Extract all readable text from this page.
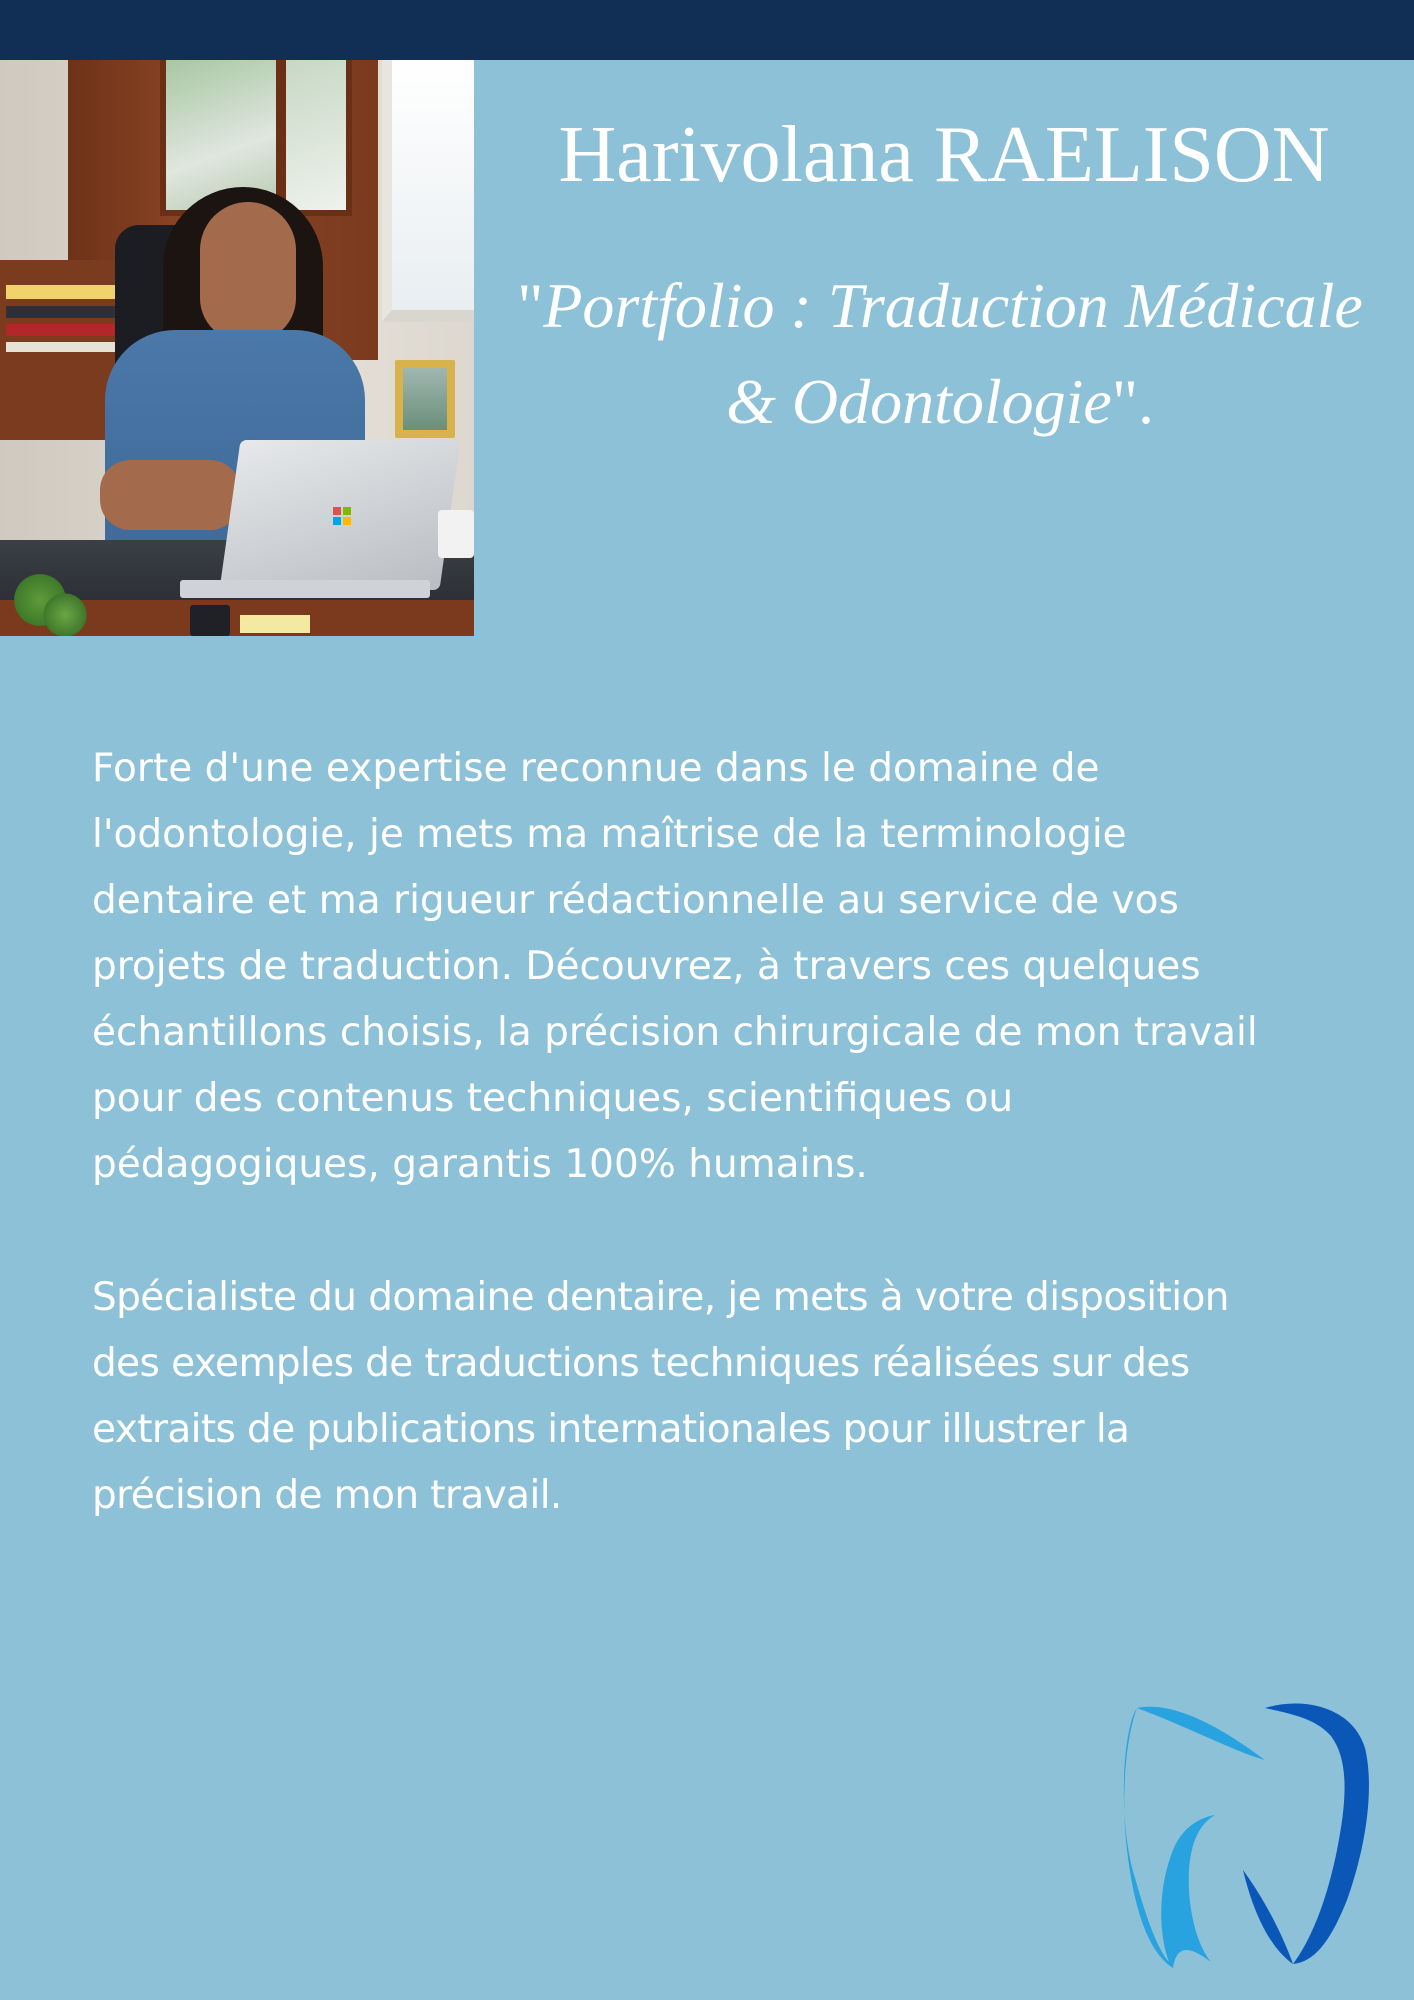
Harivolana RAELISON

"Portfolio : Traduction Médicale
& Odontologie".

Forte d'une expertise reconnue dans le domaine de l'odontologie, je mets ma maîtrise de la terminologie dentaire et ma rigueur rédactionnelle au service de vos projets de traduction. Découvrez, à travers ces quelques échantillons choisis, la précision chirurgicale de mon travail pour des contenus techniques, scientifiques ou pédagogiques, garantis 100% humains.

Spécialiste du domaine dentaire, je mets à votre disposition des exemples de traductions techniques réalisées sur des extraits de publications internationales pour illustrer la précision de mon travail.
